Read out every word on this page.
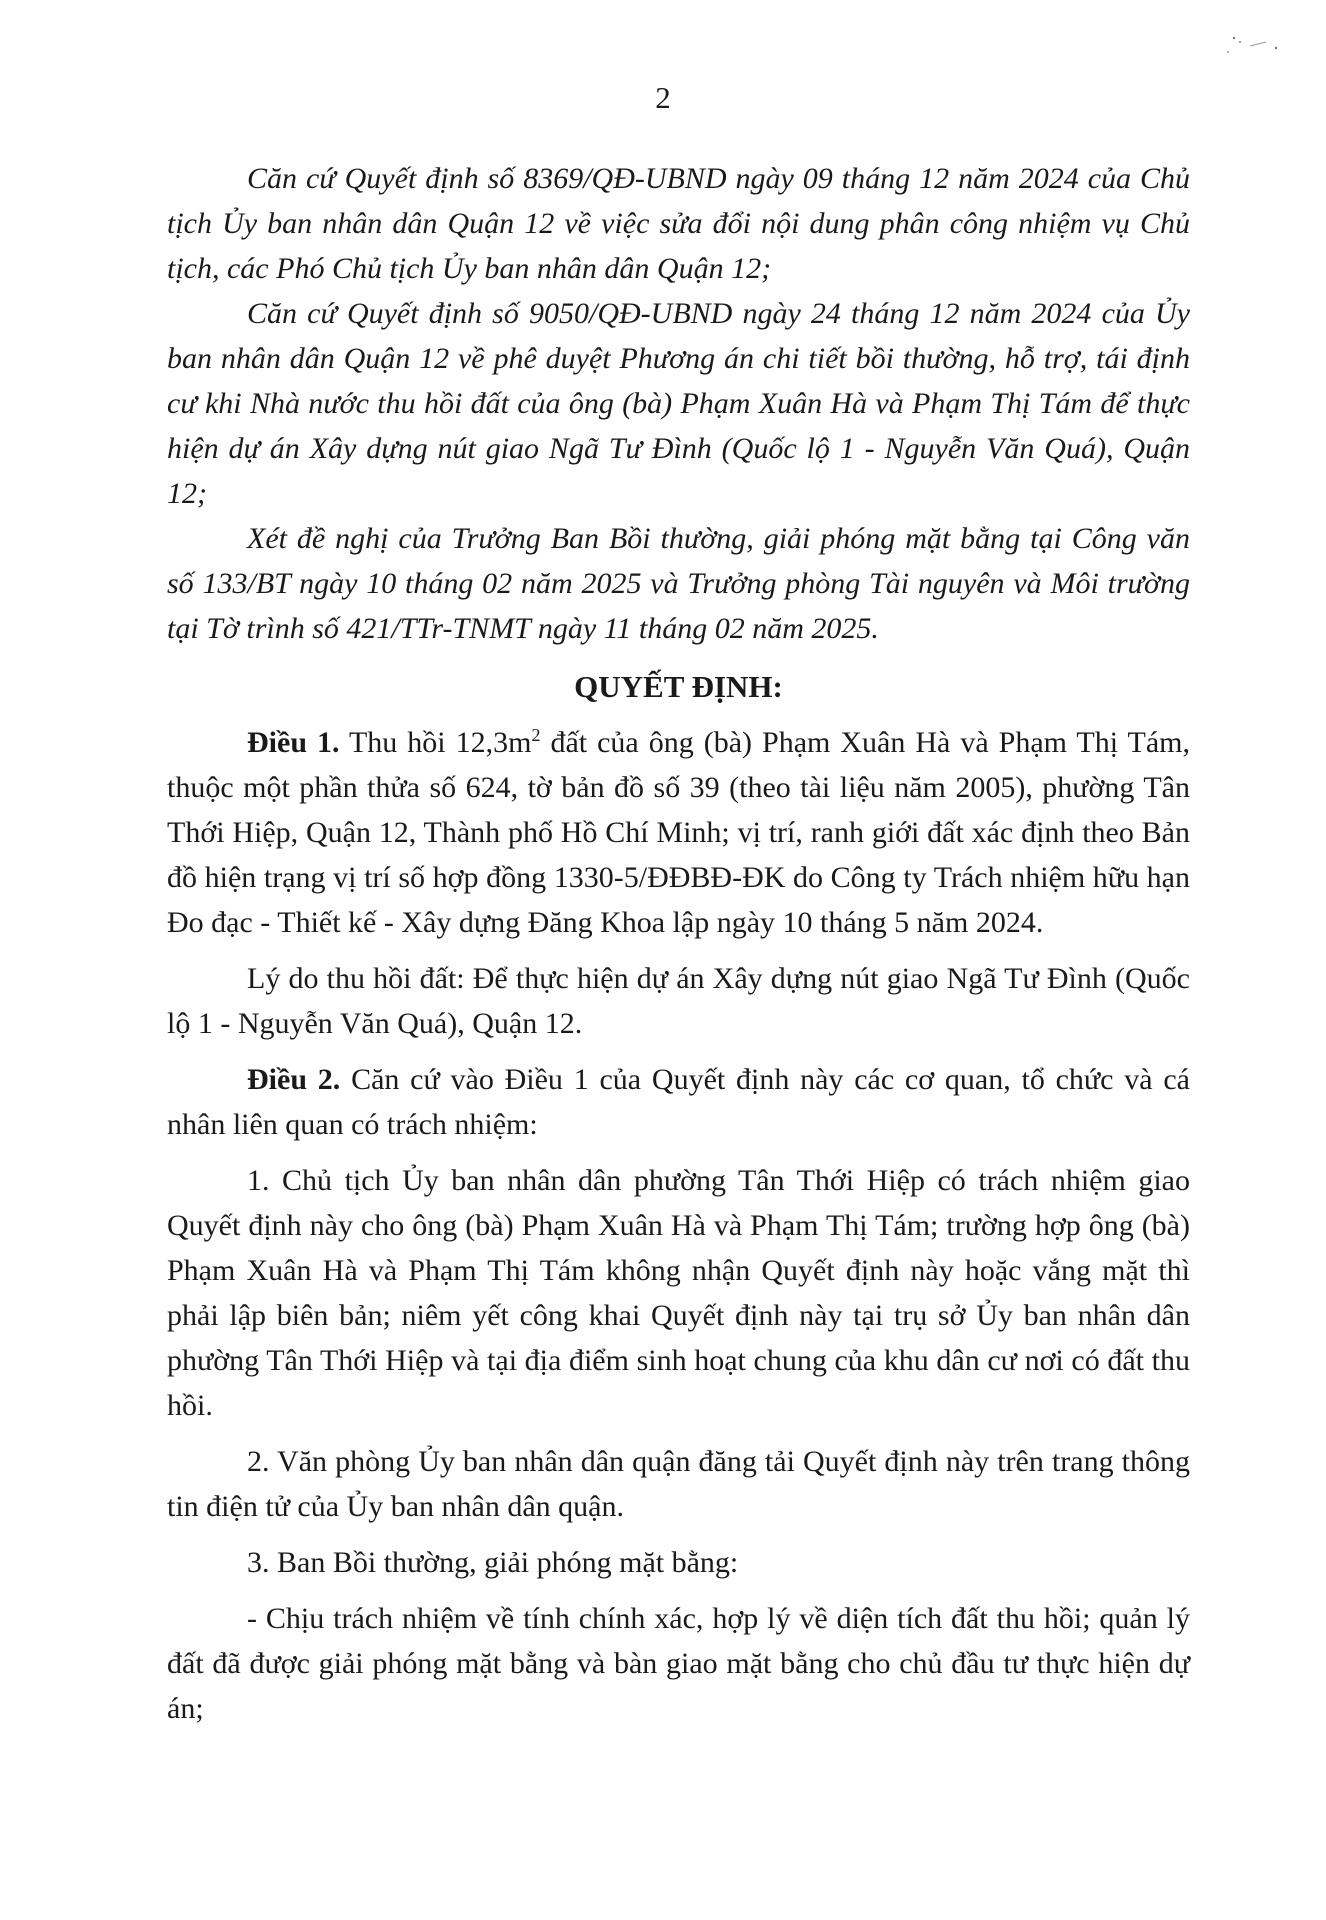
2

Căn cứ Quyết định số 8369/QĐ-UBND ngày 09 tháng 12 năm 2024 của Chủ tịch Ủy ban nhân dân Quận 12 về việc sửa đổi nội dung phân công nhiệm vụ Chủ tịch, các Phó Chủ tịch Ủy ban nhân dân Quận 12;

Căn cứ Quyết định số 9050/QĐ-UBND ngày 24 tháng 12 năm 2024 của Ủy ban nhân dân Quận 12 về phê duyệt Phương án chi tiết bồi thường, hỗ trợ, tái định cư khi Nhà nước thu hồi đất của ông (bà) Phạm Xuân Hà và Phạm Thị Tám để thực hiện dự án Xây dựng nút giao Ngã Tư Đình (Quốc lộ 1 - Nguyễn Văn Quá), Quận 12;

Xét đề nghị của Trưởng Ban Bồi thường, giải phóng mặt bằng tại Công văn số 133/BT ngày 10 tháng 02 năm 2025 và Trưởng phòng Tài nguyên và Môi trường tại Tờ trình số 421/TTr-TNMT ngày 11 tháng 02 năm 2025.

QUYẾT ĐỊNH:

Điều 1. Thu hồi $12,3m^2$ đất của ông (bà) Phạm Xuân Hà và Phạm Thị Tám, thuộc một phần thửa số 624, tờ bản đồ số 39 (theo tài liệu năm 2005), phường Tân Thới Hiệp, Quận 12, Thành phố Hồ Chí Minh; vị trí, ranh giới đất xác định theo Bản đồ hiện trạng vị trí số hợp đồng 1330-5/ĐĐBĐ-ĐK do Công ty Trách nhiệm hữu hạn Đo đạc - Thiết kế - Xây dựng Đăng Khoa lập ngày 10 tháng 5 năm 2024.

Lý do thu hồi đất: Để thực hiện dự án Xây dựng nút giao Ngã Tư Đình (Quốc lộ 1 - Nguyễn Văn Quá), Quận 12.

Điều 2. Căn cứ vào Điều 1 của Quyết định này các cơ quan, tổ chức và cá nhân liên quan có trách nhiệm:

1. Chủ tịch Ủy ban nhân dân phường Tân Thới Hiệp có trách nhiệm giao Quyết định này cho ông (bà) Phạm Xuân Hà và Phạm Thị Tám; trường hợp ông (bà) Phạm Xuân Hà và Phạm Thị Tám không nhận Quyết định này hoặc vắng mặt thì phải lập biên bản; niêm yết công khai Quyết định này tại trụ sở Ủy ban nhân dân phường Tân Thới Hiệp và tại địa điểm sinh hoạt chung của khu dân cư nơi có đất thu hồi.

2. Văn phòng Ủy ban nhân dân quận đăng tải Quyết định này trên trang thông tin điện tử của Ủy ban nhân dân quận.

3. Ban Bồi thường, giải phóng mặt bằng:

- Chịu trách nhiệm về tính chính xác, hợp lý về diện tích đất thu hồi; quản lý đất đã được giải phóng mặt bằng và bàn giao mặt bằng cho chủ đầu tư thực hiện dự án;
